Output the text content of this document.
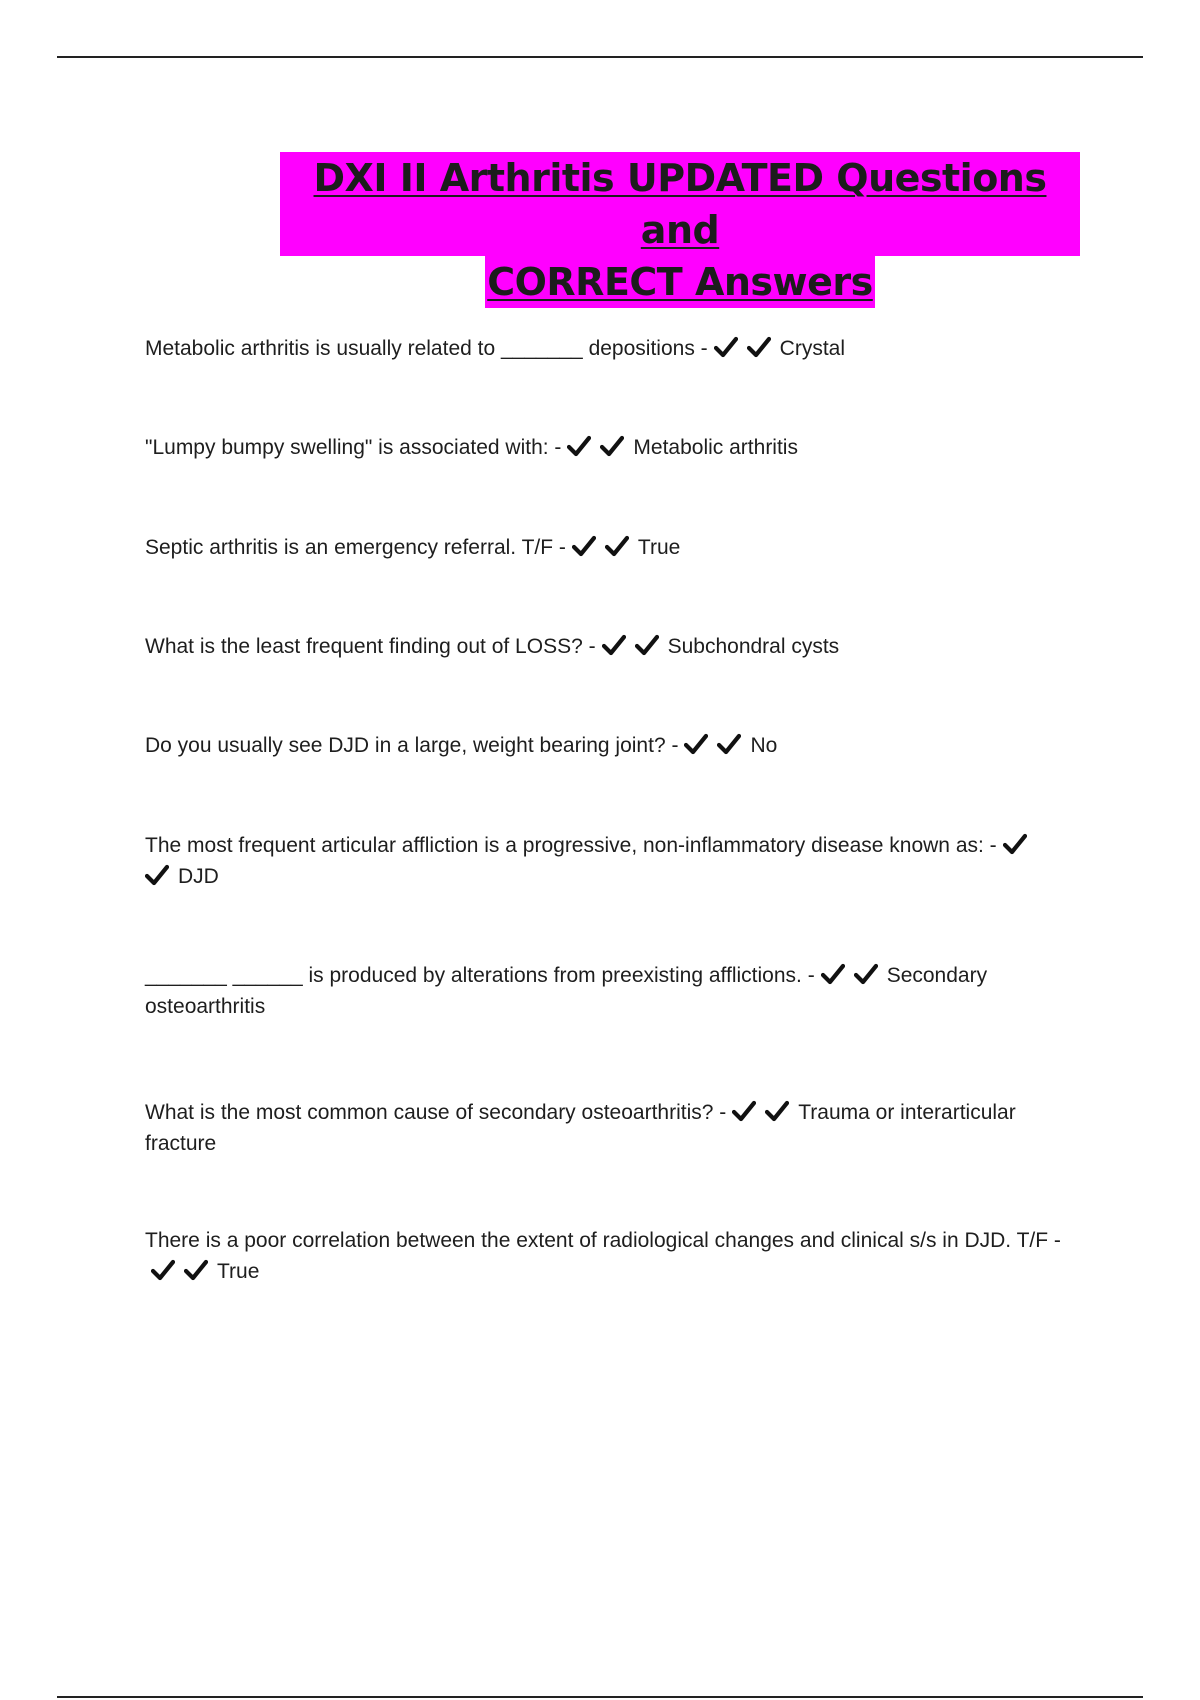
DXI II Arthritis UPDATED Questions and
CORRECT Answers
Metabolic arthritis is usually related to _______ depositions -	Crystal
"Lumpy bumpy swelling" is associated with: -	Metabolic arthritis
Septic arthritis is an emergency referral. T/F -	True
What is the least frequent finding out of LOSS? -	Subchondral cysts
Do you usually see DJD in a large, weight bearing joint? -	No
The most frequent articular affliction is a progressive, non-inflammatory disease known as: -
DJD
_______ ______ is produced by alterations from preexisting afflictions. -	Secondary osteoarthritis
What is the most common cause of secondary osteoarthritis? -	Trauma or interarticular fracture
There is a poor correlation between the extent of radiological changes and clinical s/s in DJD. T/F -
True
